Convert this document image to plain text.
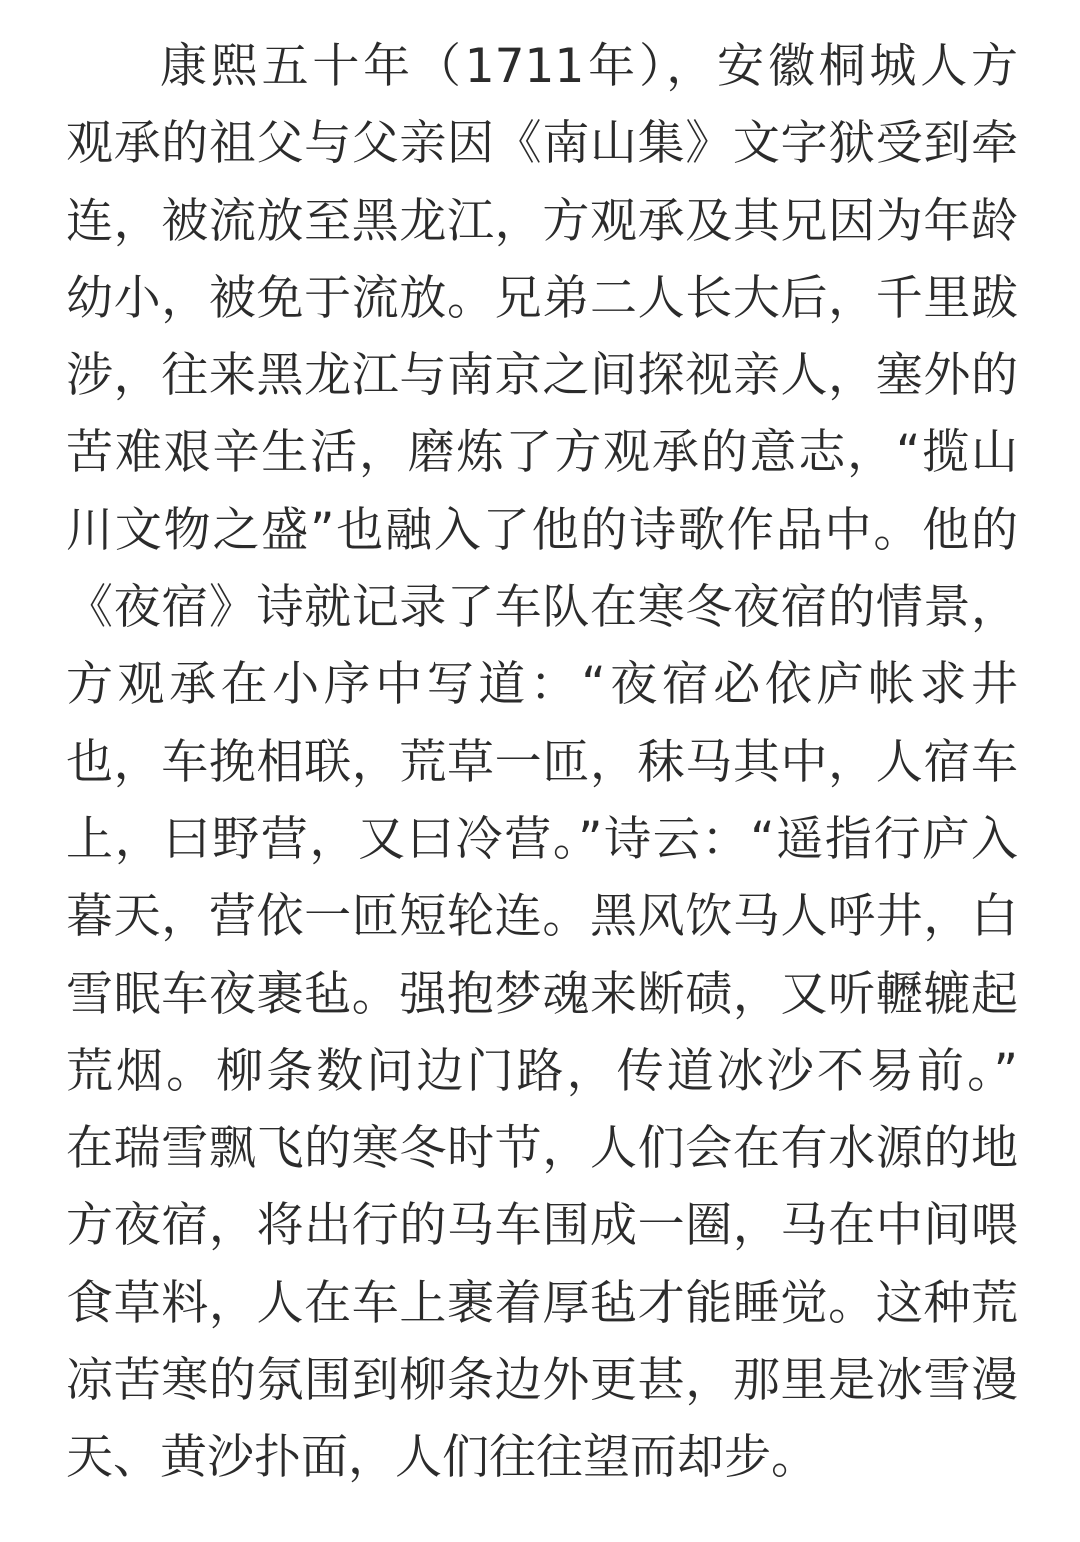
康熙五十年（1711年），安徽桐城人方
观承的祖父与父亲因《南山集》文字狱受到牵
连，被流放至黑龙江，方观承及其兄因为年龄
幼小，被免于流放。兄弟二人长大后，千里跋
涉，往来黑龙江与南京之间探视亲人，塞外的
苦难艰辛生活，磨炼了方观承的意志，“揽山
川文物之盛”也融入了他的诗歌作品中。他的
《夜宿》诗就记录了车队在寒冬夜宿的情景，
方观承在小序中写道：“夜宿必依庐帐求井
也，车挽相联，荒草一匝，秣马其中，人宿车
上，曰野营，又曰冷营。”诗云：“遥指行庐入
暮天，营依一匝短轮连。黑风饮马人呼井，白
雪眠车夜裹毡。强抱梦魂来断碛，又听轣辘起
荒烟。柳条数问边门路，传道冰沙不易前。”
在瑞雪飘飞的寒冬时节，人们会在有水源的地
方夜宿，将出行的马车围成一圈，马在中间喂
食草料，人在车上裹着厚毡才能睡觉。这种荒
凉苦寒的氛围到柳条边外更甚，那里是冰雪漫
天、黄沙扑面，人们往往望而却步。
